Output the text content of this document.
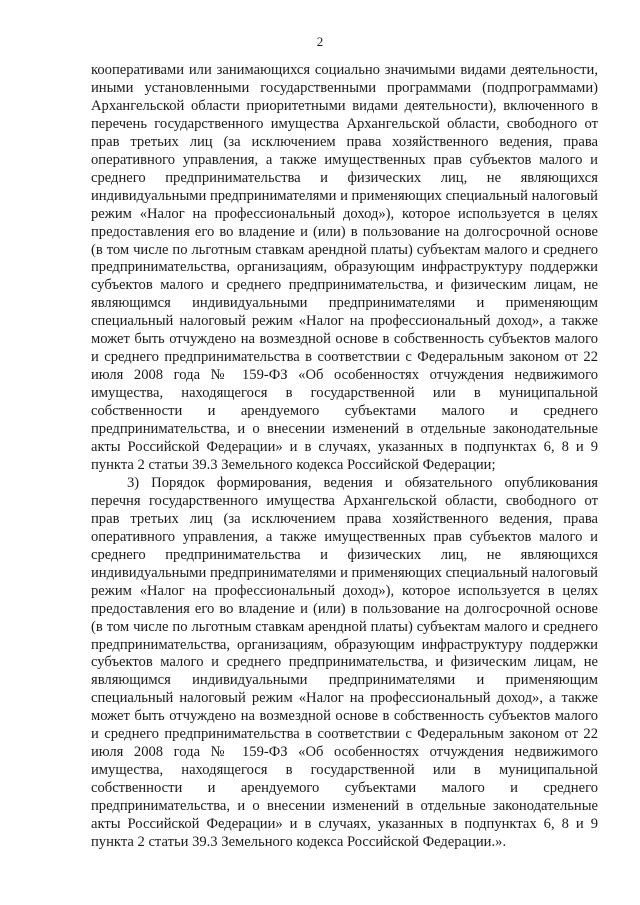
2

кооперативами или занимающихся социально значимыми видами деятельности, иными установленными государственными программами (подпрограммами) Архангельской области приоритетными видами деятельности), включенного в перечень государственного имущества Архангельской области, свободного от прав третьих лиц (за исключением права хозяйственного ведения, права оперативного управления, а также имущественных прав субъектов малого и среднего предпринимательства и физических лиц, не являющихся индивидуальными предпринимателями и применяющих специальный налоговый режим «Налог на профессиональный доход»), которое используется в целях предоставления его во владение и (или) в пользование на долгосрочной основе (в том числе по льготным ставкам арендной платы) субъектам малого и среднего предпринимательства, организациям, образующим инфраструктуру поддержки субъектов малого и среднего предпринимательства, и физическим лицам, не являющимся индивидуальными предпринимателями и применяющим специальный налоговый режим «Налог на профессиональный доход», а также может быть отчуждено на возмездной основе в собственность субъектов малого и среднего предпринимательства в соответствии с Федеральным законом от 22 июля 2008 года № 159-ФЗ «Об особенностях отчуждения недвижимого имущества, находящегося в государственной или в муниципальной собственности и арендуемого субъектами малого и среднего предпринимательства, и о внесении изменений в отдельные законодательные акты Российской Федерации» и в случаях, указанных в подпунктах 6, 8 и 9 пункта 2 статьи 39.3 Земельного кодекса Российской Федерации;

3) Порядок формирования, ведения и обязательного опубликования перечня государственного имущества Архангельской области, свободного от прав третьих лиц (за исключением права хозяйственного ведения, права оперативного управления, а также имущественных прав субъектов малого и среднего предпринимательства и физических лиц, не являющихся индивидуальными предпринимателями и применяющих специальный налоговый режим «Налог на профессиональный доход»), которое используется в целях предоставления его во владение и (или) в пользование на долгосрочной основе (в том числе по льготным ставкам арендной платы) субъектам малого и среднего предпринимательства, организациям, образующим инфраструктуру поддержки субъектов малого и среднего предпринимательства, и физическим лицам, не являющимся индивидуальными предпринимателями и применяющим специальный налоговый режим «Налог на профессиональный доход», а также может быть отчуждено на возмездной основе в собственность субъектов малого и среднего предпринимательства в соответствии с Федеральным законом от 22 июля 2008 года № 159-ФЗ «Об особенностях отчуждения недвижимого имущества, находящегося в государственной или в муниципальной собственности и арендуемого субъектами малого и среднего предпринимательства, и о внесении изменений в отдельные законодательные акты Российской Федерации» и в случаях, указанных в подпунктах 6, 8 и 9 пункта 2 статьи 39.3 Земельного кодекса Российской Федерации.».
